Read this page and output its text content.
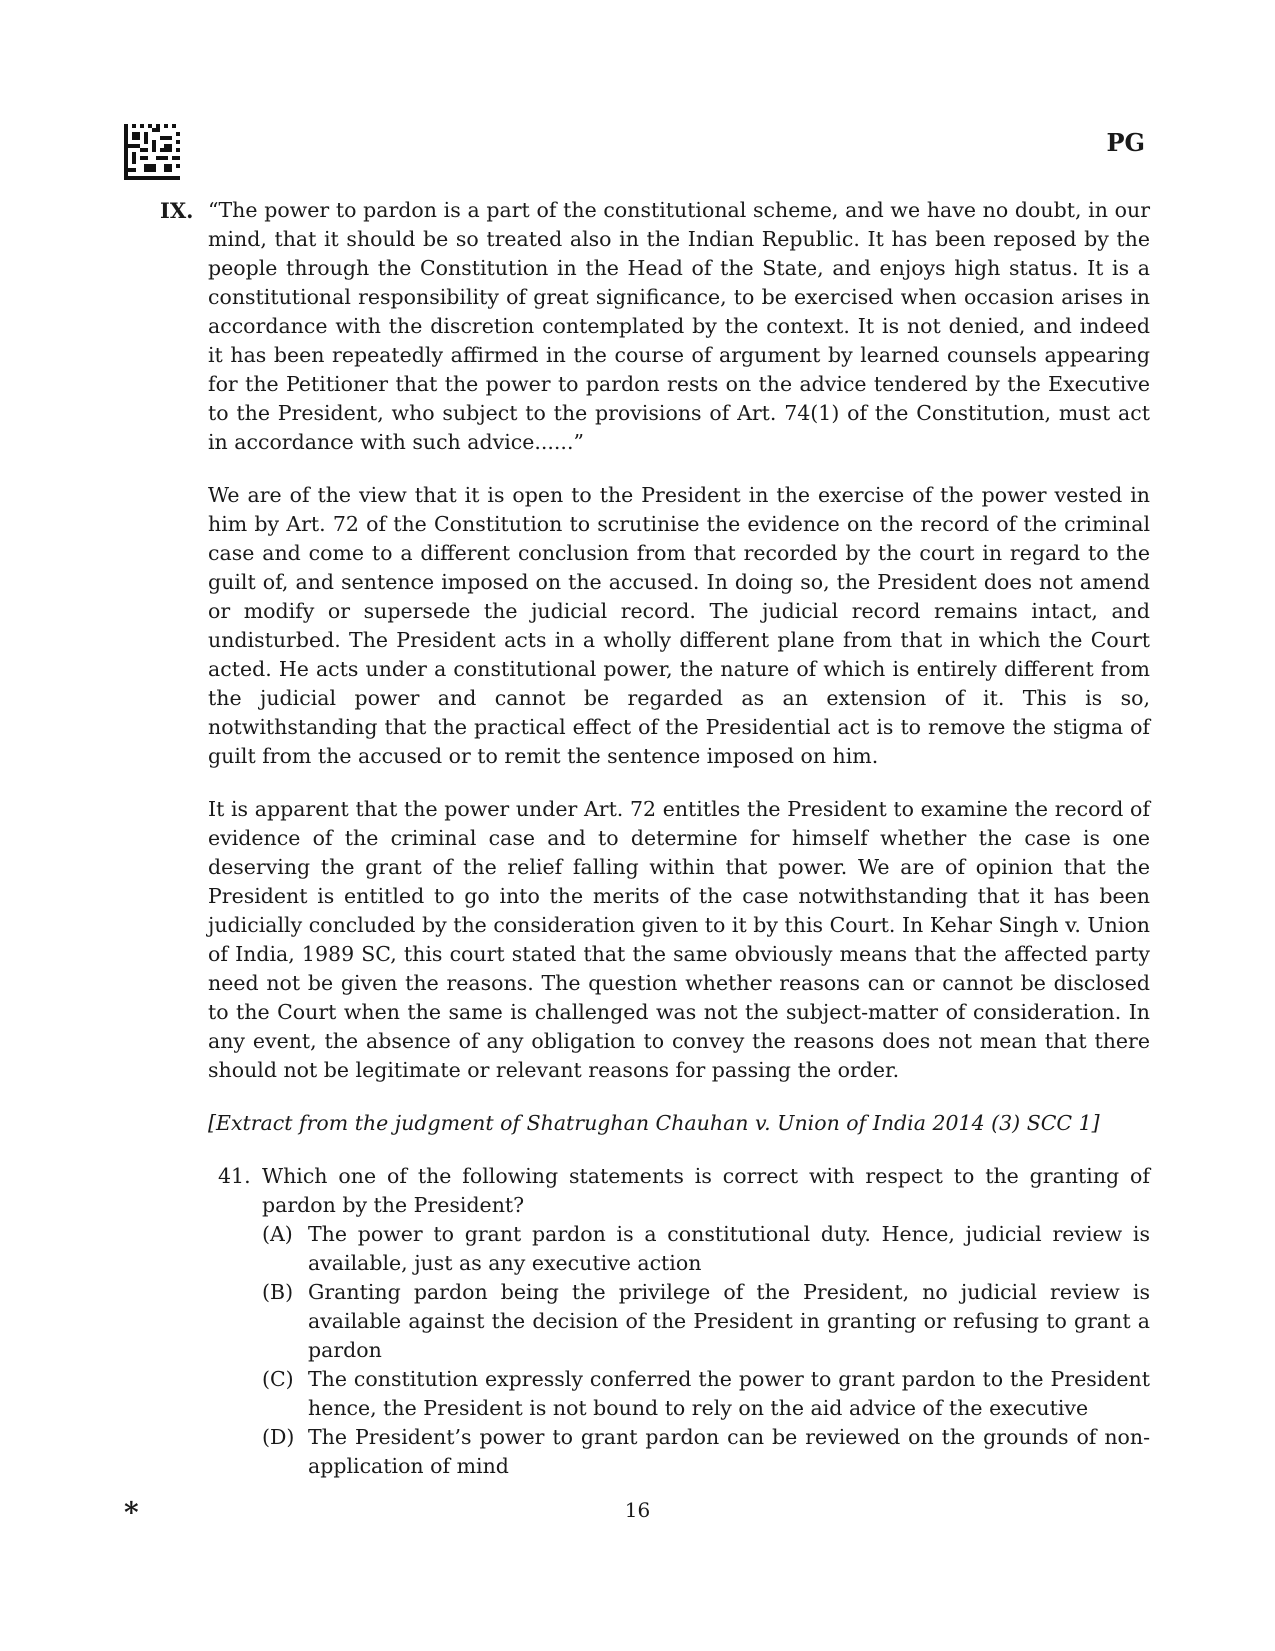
PG
IX. “The power to pardon is a part of the constitutional scheme, and we have no doubt, in our mind, that it should be so treated also in the Indian Republic. It has been reposed by the people through the Constitution in the Head of the State, and enjoys high status. It is a constitutional responsibility of great significance, to be exercised when occasion arises in accordance with the discretion contemplated by the context. It is not denied, and indeed it has been repeatedly affirmed in the course of argument by learned counsels appearing for the Petitioner that the power to pardon rests on the advice tendered by the Executive to the President, who subject to the provisions of Art. 74(1) of the Constitution, must act in accordance with such advice......”

We are of the view that it is open to the President in the exercise of the power vested in him by Art. 72 of the Constitution to scrutinise the evidence on the record of the criminal case and come to a different conclusion from that recorded by the court in regard to the guilt of, and sentence imposed on the accused. In doing so, the President does not amend or modify or supersede the judicial record. The judicial record remains intact, and undisturbed. The President acts in a wholly different plane from that in which the Court acted. He acts under a constitutional power, the nature of which is entirely different from the judicial power and cannot be regarded as an extension of it. This is so, notwithstanding that the practical effect of the Presidential act is to remove the stigma of guilt from the accused or to remit the sentence imposed on him.

It is apparent that the power under Art. 72 entitles the President to examine the record of evidence of the criminal case and to determine for himself whether the case is one deserving the grant of the relief falling within that power. We are of opinion that the President is entitled to go into the merits of the case notwithstanding that it has been judicially concluded by the consideration given to it by this Court. In Kehar Singh v. Union of India, 1989 SC, this court stated that the same obviously means that the affected party need not be given the reasons. The question whether reasons can or cannot be disclosed to the Court when the same is challenged was not the subject-matter of consideration. In any event, the absence of any obligation to convey the reasons does not mean that there should not be legitimate or relevant reasons for passing the order.

[Extract from the judgment of Shatrughan Chauhan v. Union of India 2014 (3) SCC 1]

41. Which one of the following statements is correct with respect to the granting of pardon by the President?
(A) The power to grant pardon is a constitutional duty. Hence, judicial review is available, just as any executive action
(B) Granting pardon being the privilege of the President, no judicial review is available against the decision of the President in granting or refusing to grant a pardon
(C) The constitution expressly conferred the power to grant pardon to the President hence, the President is not bound to rely on the aid advice of the executive
(D) The President’s power to grant pardon can be reviewed on the grounds of non-application of mind
*	16
